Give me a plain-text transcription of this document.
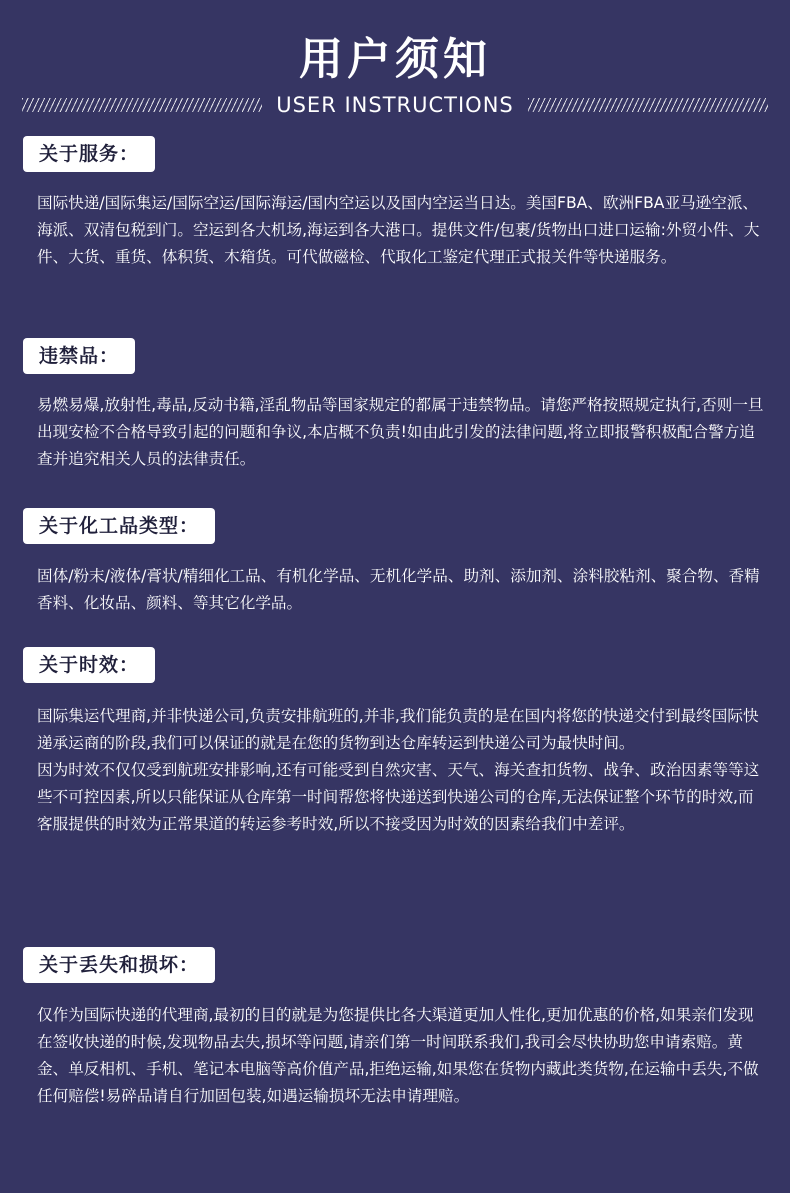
用户须知
USER INSTRUCTIONS
关于服务：

国际快递/国际集运/国际空运/国际海运/国内空运以及国内空运当日达。美国FBA、欧洲FBA亚马逊空派、海派、双清包税到门。空运到各大机场,海运到各大港口。提供文件/包裹/货物出口进口运输:外贸小件、大件、大货、重货、体积货、木箱货。可代做磁检、代取化工鉴定代理正式报关件等快递服务。

违禁品：

易燃易爆,放射性,毒品,反动书籍,淫乱物品等国家规定的都属于违禁物品。请您严格按照规定执行,否则一旦出现安检不合格导致引起的问题和争议,本店概不负责!如由此引发的法律问题,将立即报警积极配合警方追查并追究相关人员的法律责任。

关于化工品类型：

固体/粉末/液体/膏状/精细化工品、有机化学品、无机化学品、助剂、添加剂、涂料胶粘剂、聚合物、香精香料、化妆品、颜料、等其它化学品。

关于时效：

国际集运代理商,并非快递公司,负责安排航班的,并非,我们能负责的是在国内将您的快递交付到最终国际快递承运商的阶段,我们可以保证的就是在您的货物到达仓库转运到快递公司为最快时间。

因为时效不仅仅受到航班安排影响,还有可能受到自然灾害、天气、海关查扣货物、战争、政治因素等等这些不可控因素,所以只能保证从仓库第一时间帮您将快递送到快递公司的仓库,无法保证整个环节的时效,而客服提供的时效为正常果道的转运参考时效,所以不接受因为时效的因素给我们中差评。

关于丢失和损坏：

仅作为国际快递的代理商,最初的目的就是为您提供比各大渠道更加人性化,更加优惠的价格,如果亲们发现在签收快递的时候,发现物品去失,损坏等问题,请亲们第一时间联系我们,我司会尽快协助您申请索赔。黄金、单反相机、手机、笔记本电脑等高价值产品,拒绝运输,如果您在货物内藏此类货物,在运输中丢失,不做任何赔偿!易碎品请自行加固包装,如遇运输损坏无法申请理赔。
